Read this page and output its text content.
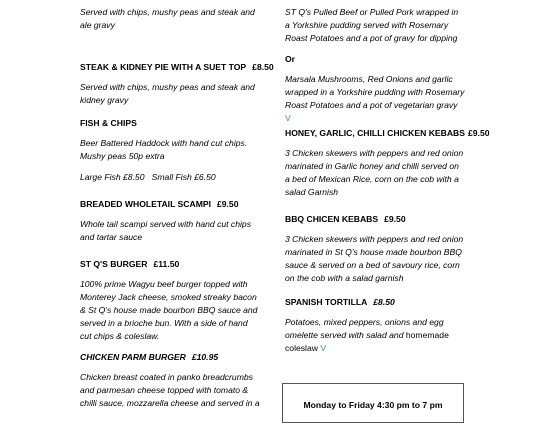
Served with chips, mushy peas and steak and ale gravy
STEAK & KIDNEY PIE WITH A SUET TOP £8.50
Served with chips, mushy peas and steak and kidney gravy
FISH & CHIPS
Beer Battered Haddock with hand cut chips. Mushy peas 50p extra
Large Fish £8.50   Small Fish £6.50
BREADED WHOLETAIL SCAMPI £9.50
Whole tail scampi served with hand cut chips and tartar sauce
ST Q'S BURGER £11.50
100% prime Wagyu beef burger topped with Monterey Jack cheese, smoked streaky bacon & St Q's house made bourbon BBQ sauce and served in a brioche bun. With a side of hand cut chips & coleslaw.
CHICKEN PARM BURGER £10.95
Chicken breast coated in panko breadcrumbs and parmesan cheese topped with tomato & chilli sauce, mozzarella cheese and served in a
ST Q's Pulled Beef or Pulled Pork wrapped in a Yorkshire pudding served with Rosemary Roast Potatoes and a pot of gravy for dipping
Or
Marsala Mushrooms, Red Onions and garlic wrapped in a Yorkshire pudding with Rosemary Roast Potatoes and a pot of vegetarian gravy V
HONEY, GARLIC, CHILLI CHICKEN KEBABS £9.50
3 Chicken skewers with peppers and red onion marinated in Garlic honey and chilli served on a bed of Mexican Rice, corn on the cob with a salad Garnish
BBQ CHICEN KEBABS £9.50
3 Chicken skewers with peppers and red onion marinated in St Q's house made bourbon BBQ sauce & served on a bed of savoury rice, corn on the cob with a salad garnish
SPANISH TORTILLA £8.50
Potatoes, mixed peppers, onions and egg omelette served with salad and homemade coleslaw V
Monday to Friday 4:30 pm to 7 pm
